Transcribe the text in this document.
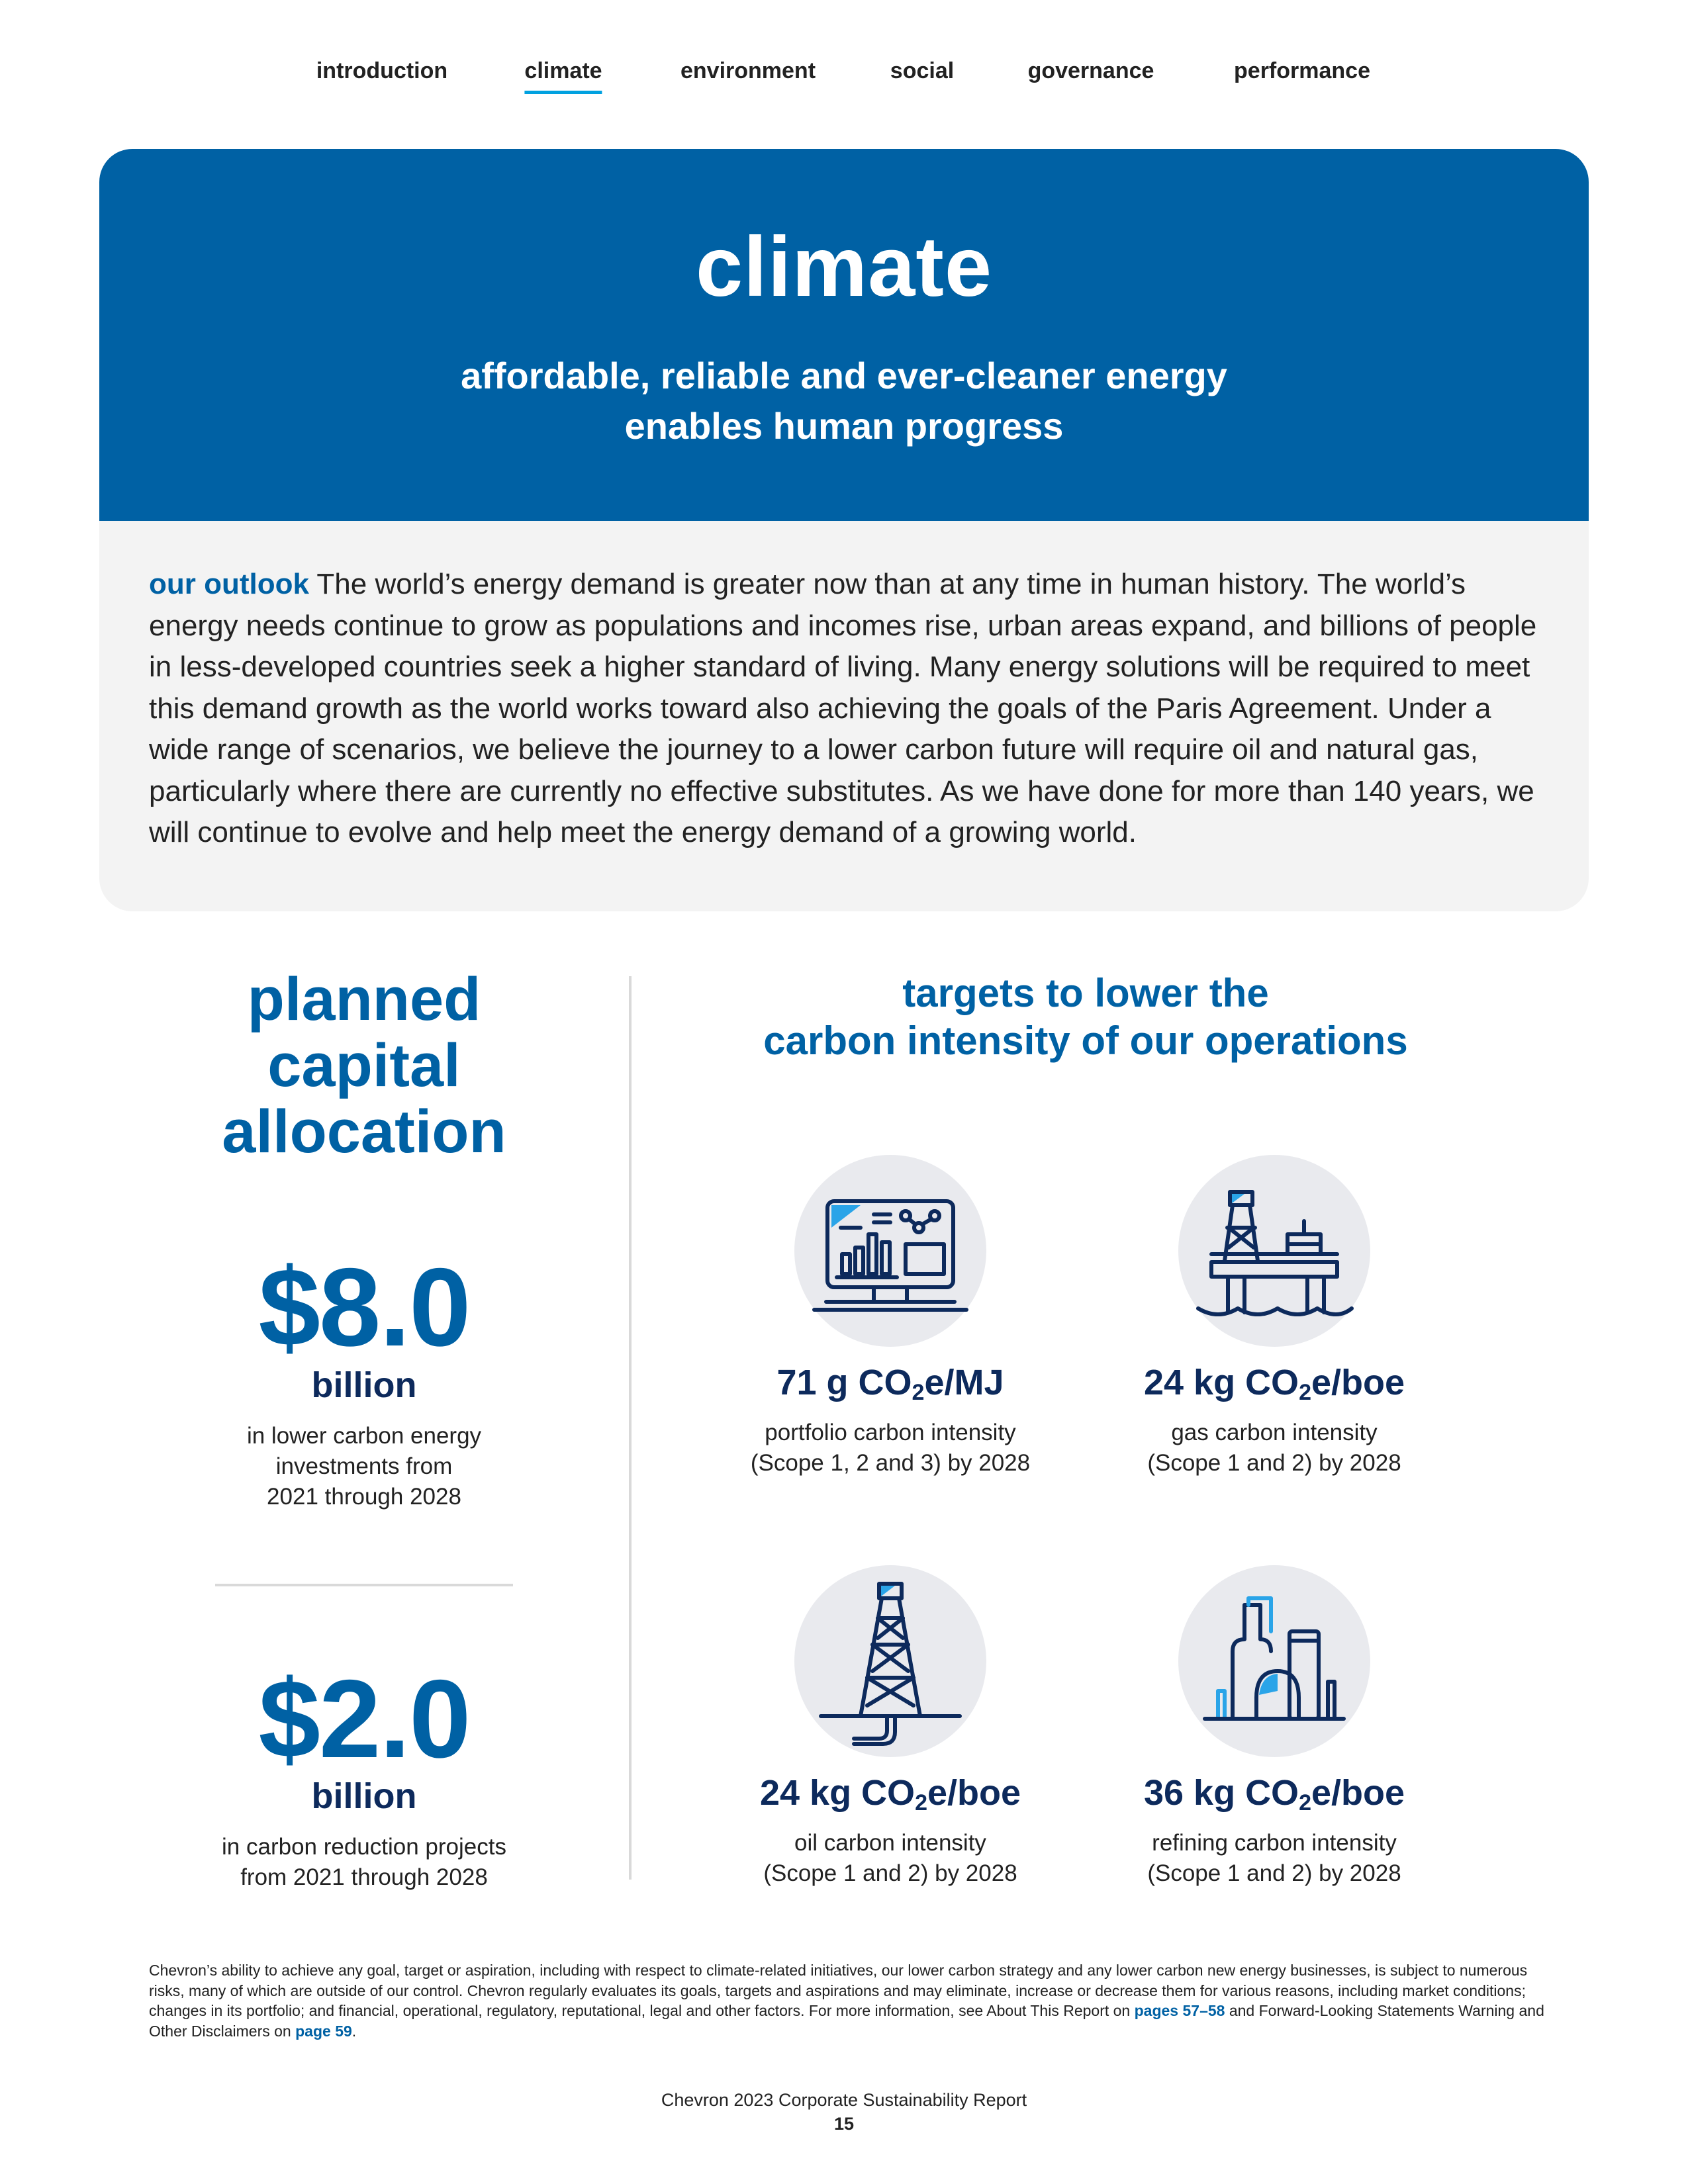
introduction	climate	environment	social	governance	performance
climate
affordable, reliable and ever-cleaner energy
enables human progress

our outlook The world’s energy demand is greater now than at any time in human history. The world’s energy needs continue to grow as populations and incomes rise, urban areas expand, and billions of people in less-developed countries seek a higher standard of living. Many energy solutions will be required to meet this demand growth as the world works toward also achieving the goals of the Paris Agreement. Under a wide range of scenarios, we believe the journey to a lower carbon future will require oil and natural gas, particularly where there are currently no effective substitutes. As we have done for more than 140 years, we will continue to evolve and help meet the energy demand of a growing world.

planned
capital
allocation
$8.0
billion
in lower carbon energy
investments from
2021 through 2028
$2.0
billion
in carbon reduction projects
from 2021 through 2028
targets to lower the
carbon intensity of our operations
71 g $CO_2e/MJ$
portfolio carbon intensity
(Scope 1, 2 and 3) by 2028
24 kg $CO_2e$/boe
gas carbon intensity
(Scope 1 and 2) by 2028
24 kg $CO_2e$/boe
oil carbon intensity
(Scope 1 and 2) by 2028
36 kg $CO_2e$/boe
refining carbon intensity
(Scope 1 and 2) by 2028

Chevron’s ability to achieve any goal, target or aspiration, including with respect to climate-related initiatives, our lower carbon strategy and any lower carbon new energy businesses, is subject to numerous risks, many of which are outside of our control. Chevron regularly evaluates its goals, targets and aspirations and may eliminate, increase or decrease them for various reasons, including market conditions; changes in its portfolio; and financial, operational, regulatory, reputational, legal and other factors. For more information, see About This Report on pages 57–58 and Forward-Looking Statements Warning and Other Disclaimers on page 59.

Chevron 2023 Corporate Sustainability Report
15
